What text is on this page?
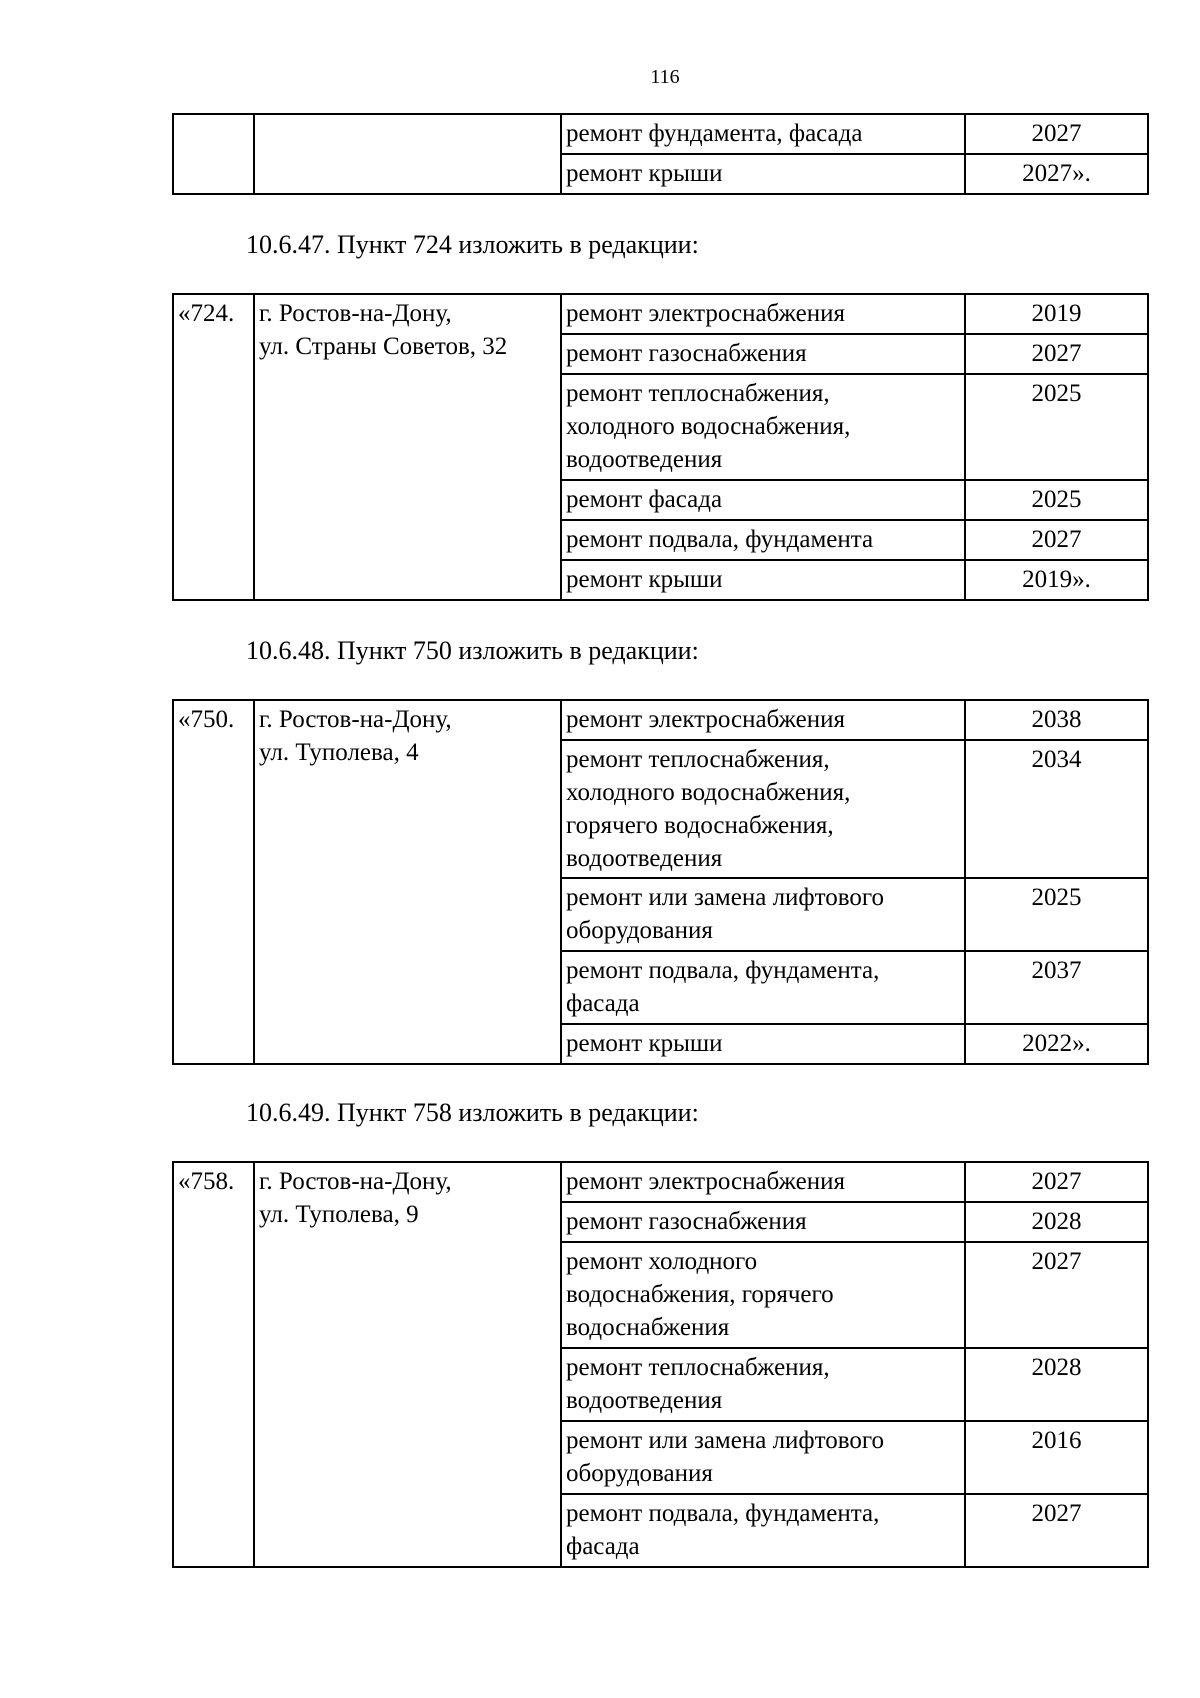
116
		ремонт фундамента, фасада	2027
		ремонт крыши	2027».
10.6.47. Пункт 724 изложить в редакции:
«724.	г. Ростов-на-Дону,
ул. Страны Советов, 32	ремонт электроснабжения	2019
		ремонт газоснабжения	2027
		ремонт теплоснабжения,
холодного водоснабжения,
водоотведения	2025
		ремонт фасада	2025
		ремонт подвала, фундамента	2027
		ремонт крыши	2019».
10.6.48. Пункт 750 изложить в редакции:
«750.	г. Ростов-на-Дону,
ул. Туполева, 4	ремонт электроснабжения	2038
		ремонт теплоснабжения,
холодного водоснабжения,
горячего водоснабжения,
водоотведения	2034
		ремонт или замена лифтового
оборудования	2025
		ремонт подвала, фундамента,
фасада	2037
		ремонт крыши	2022».
10.6.49. Пункт 758 изложить в редакции:
«758.	г. Ростов-на-Дону,
ул. Туполева, 9	ремонт электроснабжения	2027
		ремонт газоснабжения	2028
		ремонт холодного
водоснабжения, горячего
водоснабжения	2027
		ремонт теплоснабжения,
водоотведения	2028
		ремонт или замена лифтового
оборудования	2016
		ремонт подвала, фундамента,
фасада	2027
